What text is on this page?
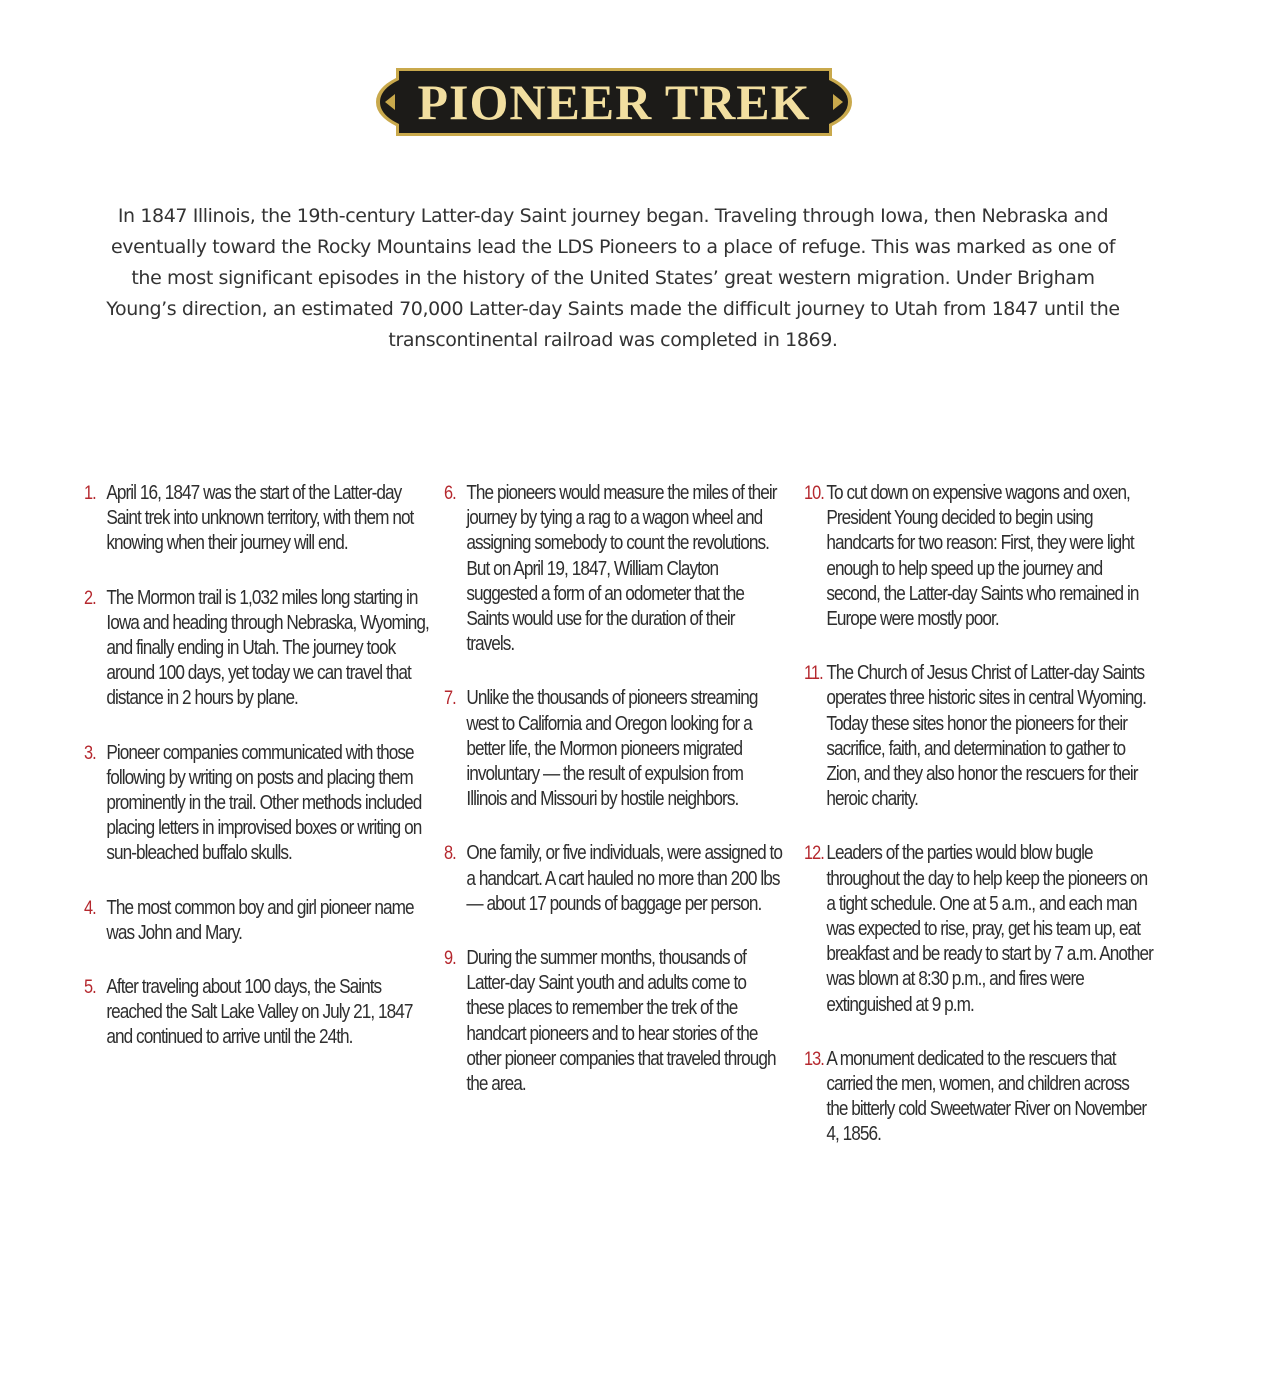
PIONEER TREK

In 1847 Illinois, the 19th-century Latter-day Saint journey began. Traveling through Iowa, then Nebraska and eventually toward the Rocky Mountains lead the LDS Pioneers to a place of refuge. This was marked as one of the most significant episodes in the history of the United States’ great western migration. Under Brigham Young’s direction, an estimated 70,000 Latter-day Saints made the difficult journey to Utah from 1847 until the transcontinental railroad was completed in 1869.

1. April 16, 1847 was the start of the Latter-day Saint trek into unknown territory, with them not knowing when their journey will end.
2. The Mormon trail is 1,032 miles long starting in Iowa and heading through Nebraska, Wyoming, and finally ending in Utah. The journey took around 100 days, yet today we can travel that distance in 2 hours by plane.
3. Pioneer companies communicated with those following by writing on posts and placing them prominently in the trail. Other methods included placing letters in improvised boxes or writing on sun-bleached buffalo skulls.
4. The most common boy and girl pioneer name was John and Mary.
5. After traveling about 100 days, the Saints reached the Salt Lake Valley on July 21, 1847 and continued to arrive until the 24th.
6. The pioneers would measure the miles of their journey by tying a rag to a wagon wheel and assigning somebody to count the revolutions. But on April 19, 1847, William Clayton suggested a form of an odometer that the Saints would use for the duration of their travels.
7. Unlike the thousands of pioneers streaming west to California and Oregon looking for a better life, the Mormon pioneers migrated involuntary — the result of expulsion from Illinois and Missouri by hostile neighbors.
8. One family, or five individuals, were assigned to a handcart. A cart hauled no more than 200 lbs — about 17 pounds of baggage per person.
9. During the summer months, thousands of Latter-day Saint youth and adults come to these places to remember the trek of the handcart pioneers and to hear stories of the other pioneer companies that traveled through the area.
10. To cut down on expensive wagons and oxen, President Young decided to begin using handcarts for two reason: First, they were light enough to help speed up the journey and second, the Latter-day Saints who remained in Europe were mostly poor.
11. The Church of Jesus Christ of Latter-day Saints operates three historic sites in central Wyoming. Today these sites honor the pioneers for their sacrifice, faith, and determination to gather to Zion, and they also honor the rescuers for their heroic charity.
12. Leaders of the parties would blow bugle throughout the day to help keep the pioneers on a tight schedule. One at 5 a.m., and each man was expected to rise, pray, get his team up, eat breakfast and be ready to start by 7 a.m. Another was blown at 8:30 p.m., and fires were extinguished at 9 p.m.
13. A monument dedicated to the rescuers that carried the men, women, and children across the bitterly cold Sweetwater River on November 4, 1856.
